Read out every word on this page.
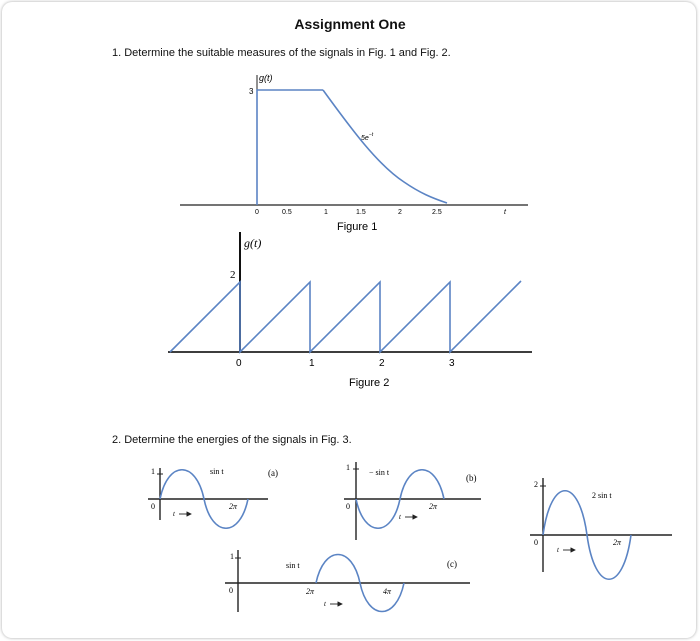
Assignment One
1. Determine the suitable measures of the signals in Fig. 1 and Fig. 2.
2. Determine the energies of the signals in Fig. 3.
g(t)
3
$5e^{-t}$
0	0.5	1	1.5	2	2.5	t
Figure 1
g(t)
2
0	1	2	3
Figure 2
1
0
sin t	(a)
2π
t
1
0
− sin t
(b)
2π
t
1
0
sin t	(c)
2π	4π
t
2
0
2 sin t
2π
t
